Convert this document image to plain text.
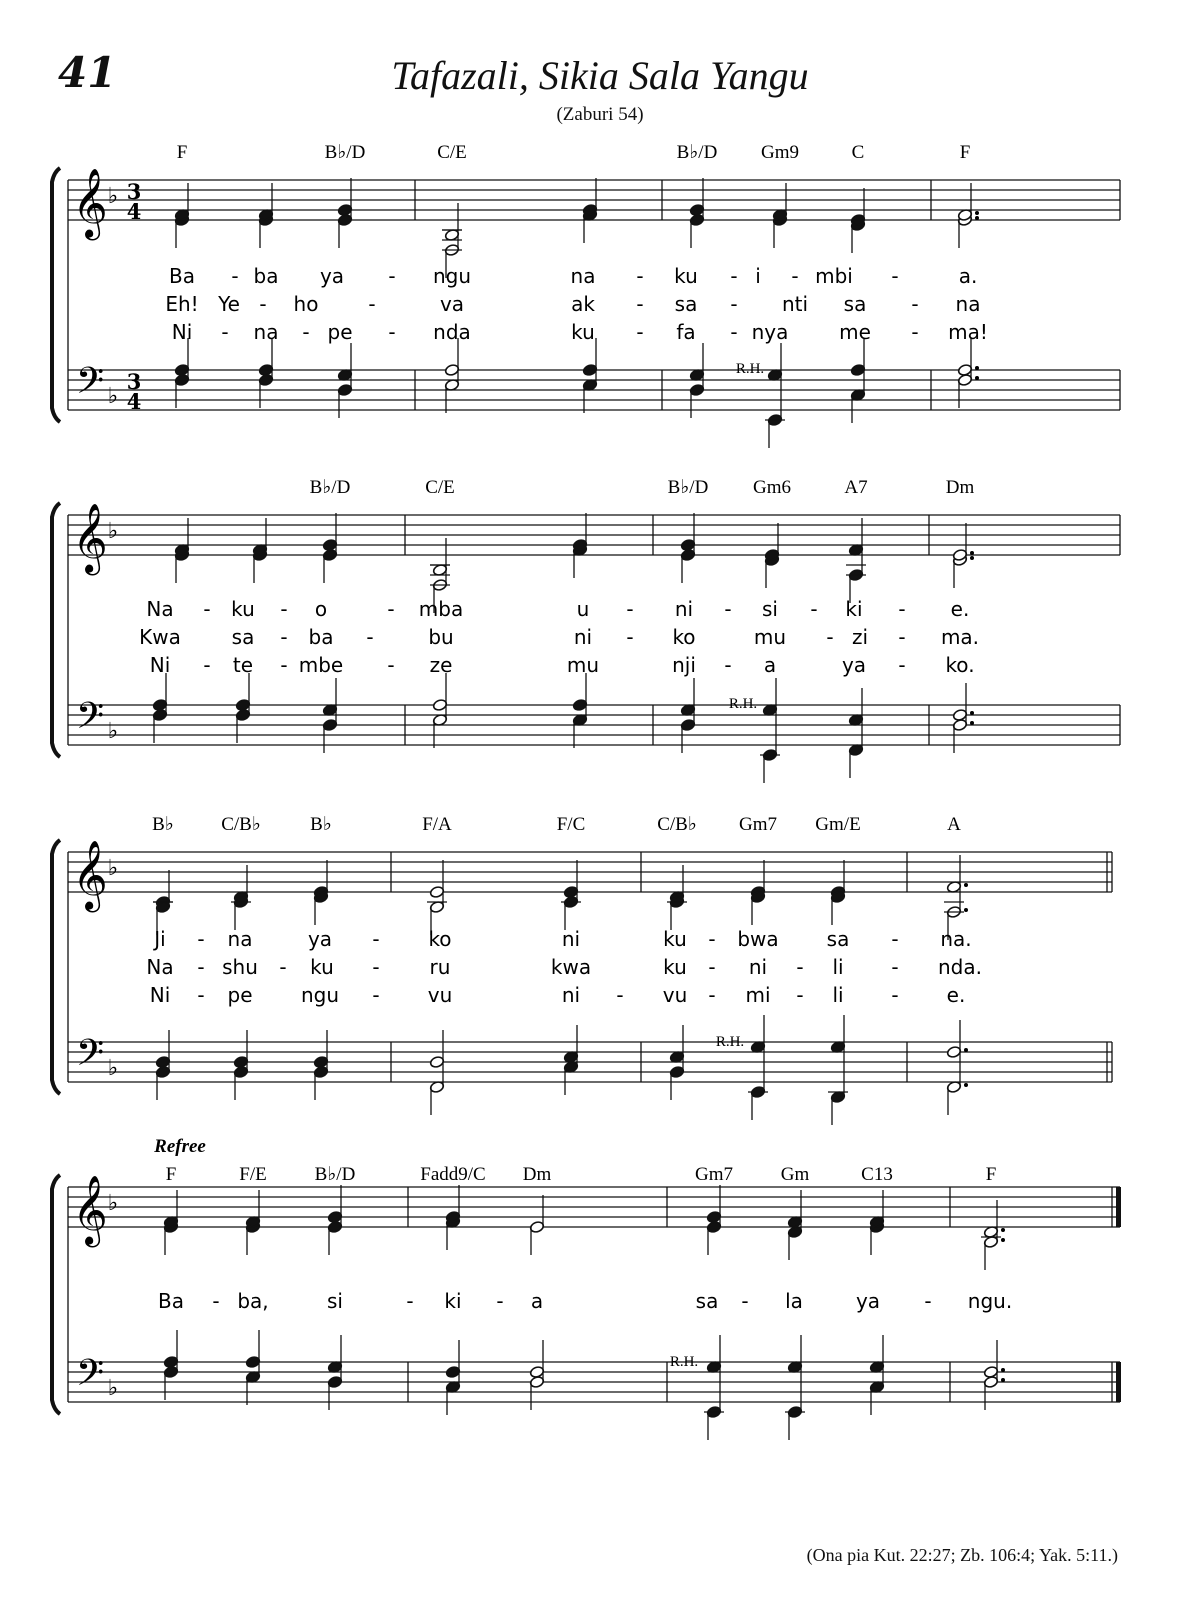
41	Tafazali, Sikia Sala Yangu
(Zaburi 54)
𝄞 ♭ 3
4
𝄢 ♭
3
4
F	B♭/D	C/E	B♭/D Gm9	C	F
Ba - ba ya - ngu	na - ku - i - mbi -	a.
Eh! Ye - ho -	va	ak - sa - nti sa - na
Ni - na - pe - nda	ku - fa - nya	me - ma!
R.H.
𝄞 ♭
𝄢 ♭
B♭/D	C/E	B♭/D Gm6	A7	Dm
Na - ku - o	- mba	u - ni - si - ki - e.
Kwa	sa - ba -	bu	ni - ko	mu - zi - ma.
Ni - te - mbe - ze	mu	nji - a	ya - ko.
R.H.
𝄞 ♭
𝄢 ♭
B♭ C/B♭	B♭	F/A	F/C	C/B♭ Gm7 Gm/E	A
Ji - na	ya - ko	ni	ku - bwa sa - na.
Na - shu - ku - ru	kwa	ku - ni - li - nda.
Ni - pe ngu - vu	ni - vu - mi - li - e.
R.H.
𝄞 ♭
𝄢 ♭
F	F/E	B♭/D	Fadd9/C Dm	Gm7	Gm	C13	F
Ba - ba,	si	- ki - a	sa - la	ya - ngu.
R.H.
Refree
(Ona pia Kut. 22:27; Zb. 106:4; Yak. 5:11.)
